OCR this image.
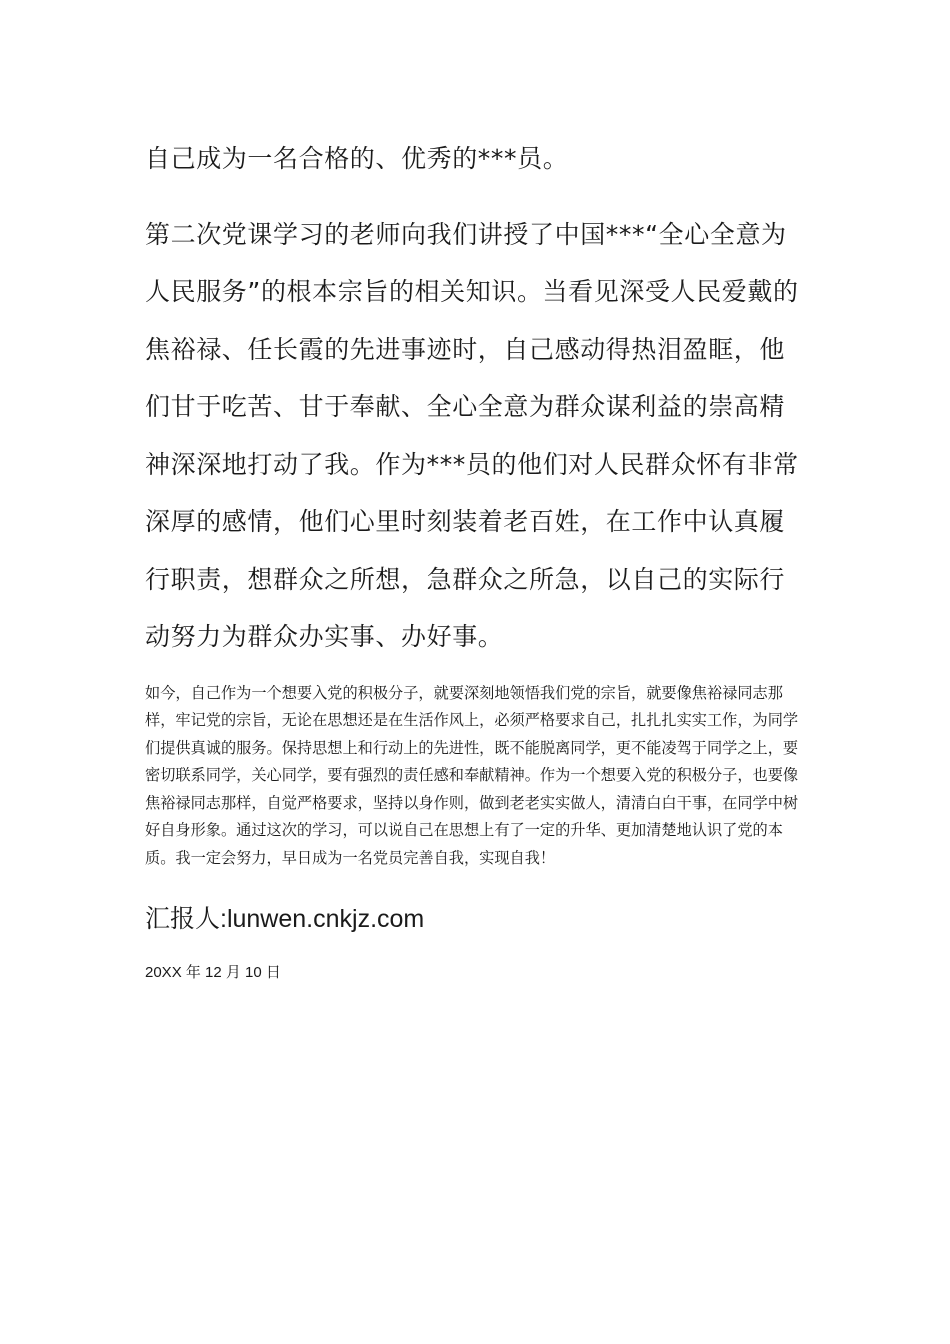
自己成为一名合格的、优秀的***员。

第二次党课学习的老师向我们讲授了中国***“全心全意为人民服务”的根本宗旨的相关知识。当看见深受人民爱戴的焦裕禄、任长霞的先进事迹时，自己感动得热泪盈眶，他们甘于吃苦、甘于奉献、全心全意为群众谋利益的崇高精神深深地打动了我。作为***员的他们对人民群众怀有非常深厚的感情，他们心里时刻装着老百姓，在工作中认真履行职责，想群众之所想，急群众之所急，以自己的实际行动努力为群众办实事、办好事。

如今，自己作为一个想要入党的积极分子，就要深刻地领悟我们党的宗旨，就要像焦裕禄同志那样，牢记党的宗旨，无论在思想还是在生活作风上，必须严格要求自己，扎扎扎实实工作，为同学们提供真诚的服务。保持思想上和行动上的先进性，既不能脱离同学，更不能凌驾于同学之上，要密切联系同学，关心同学，要有强烈的责任感和奉献精神。作为一个想要入党的积极分子，也要像焦裕禄同志那样，自觉严格要求，坚持以身作则，做到老老实实做人，清清白白干事，在同学中树好自身形象。通过这次的学习，可以说自己在思想上有了一定的升华、更加清楚地认识了党的本质。我一定会努力，早日成为一名党员完善自我，实现自我！

汇报人:lunwen.cnkjz.com

20XX 年 12 月 10 日
